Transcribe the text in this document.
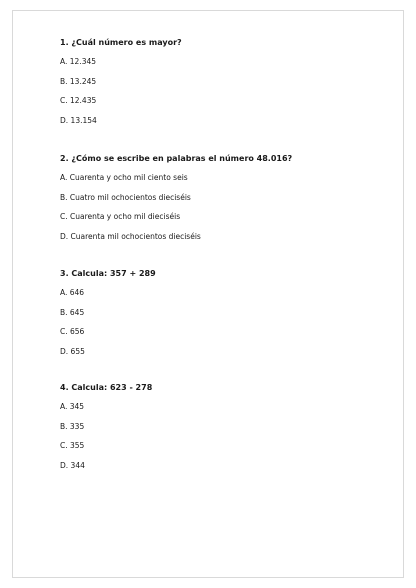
1. ¿Cuál número es mayor?
A. 12.345
B. 13.245
C. 12.435
D. 13.154
2. ¿Cómo se escribe en palabras el número 48.016?
A. Cuarenta y ocho mil ciento seis
B. Cuatro mil ochocientos dieciséis
C. Cuarenta y ocho mil dieciséis
D. Cuarenta mil ochocientos dieciséis
3. Calcula: 357 + 289
A. 646
B. 645
C. 656
D. 655
4. Calcula: 623 - 278
A. 345
B. 335
C. 355
D. 344
